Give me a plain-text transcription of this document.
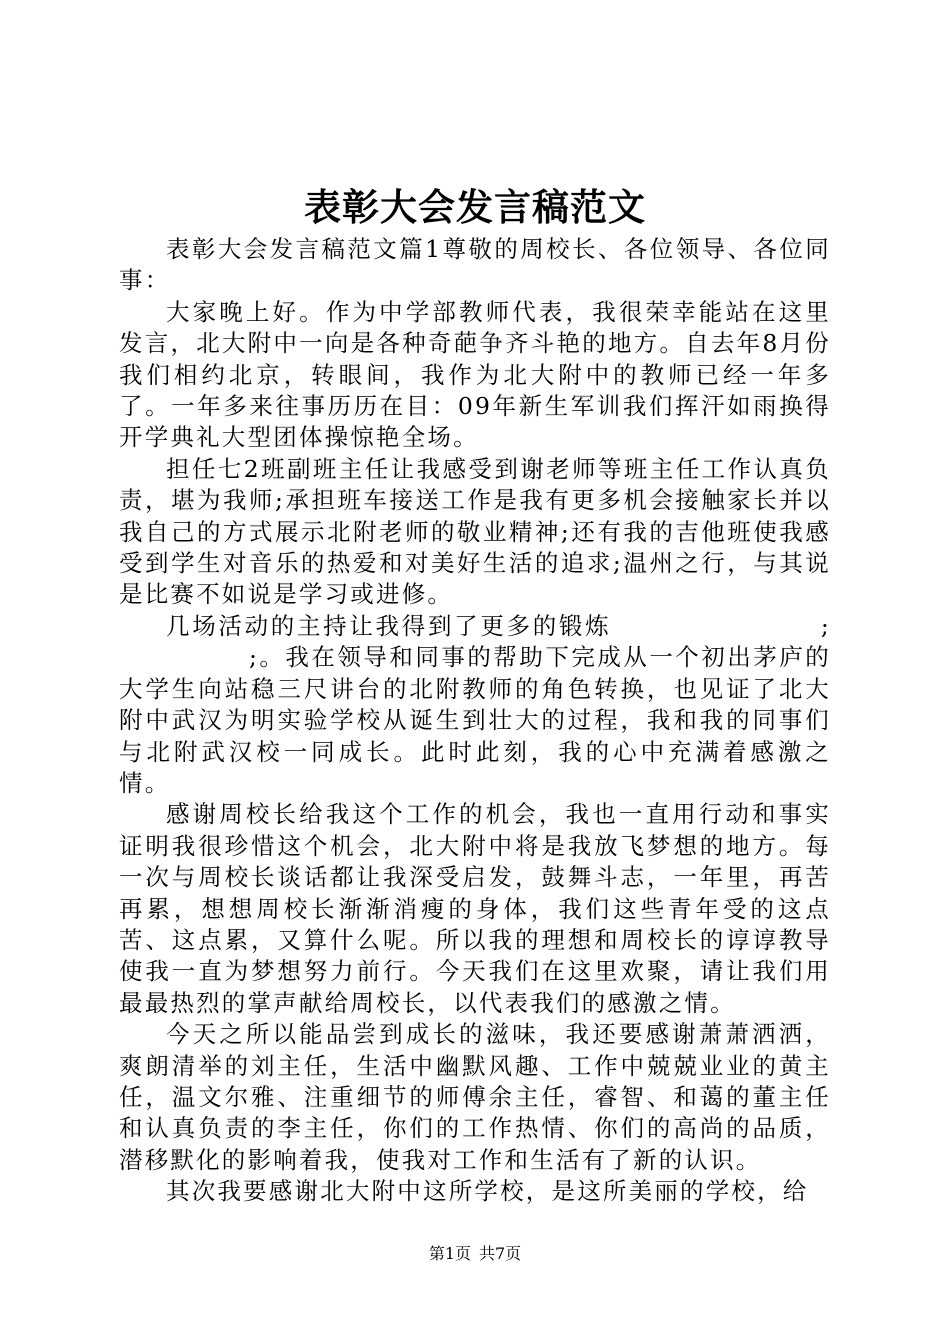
表彰大会发言稿范文

表彰大会发言稿范文篇1尊敬的周校长、各位领导、各位同事：

大家晚上好。作为中学部教师代表，我很荣幸能站在这里发言，北大附中一向是各种奇葩争齐斗艳的地方。自去年8月份我们相约北京，转眼间，我作为北大附中的教师已经一年多了。一年多来往事历历在目：09年新生军训我们挥汗如雨换得开学典礼大型团体操惊艳全场。

担任七2班副班主任让我感受到谢老师等班主任工作认真负责，堪为我师;承担班车接送工作是我有更多机会接触家长并以我自己的方式展示北附老师的敬业精神;还有我的吉他班使我感受到学生对音乐的热爱和对美好生活的追求;温州之行，与其说是比赛不如说是学习或进修。

几场活动的主持让我得到了更多的锻炼　　　　　　　　;

　　　　　;。我在领导和同事的帮助下完成从一个初出茅庐的大学生向站稳三尺讲台的北附教师的角色转换，也见证了北大附中武汉为明实验学校从诞生到壮大的过程，我和我的同事们与北附武汉校一同成长。此时此刻，我的心中充满着感激之情。

感谢周校长给我这个工作的机会，我也一直用行动和事实证明我很珍惜这个机会，北大附中将是我放飞梦想的地方。每一次与周校长谈话都让我深受启发，鼓舞斗志，一年里，再苦再累，想想周校长渐渐消瘦的身体，我们这些青年受的这点苦、这点累，又算什么呢。所以我的理想和周校长的谆谆教导使我一直为梦想努力前行。今天我们在这里欢聚，请让我们用最最热烈的掌声献给周校长，以代表我们的感激之情。

今天之所以能品尝到成长的滋味，我还要感谢萧萧洒洒，爽朗清举的刘主任，生活中幽默风趣、工作中兢兢业业的黄主任，温文尔雅、注重细节的师傅余主任，睿智、和蔼的董主任和认真负责的李主任，你们的工作热情、你们的高尚的品质，潜移默化的影响着我，使我对工作和生活有了新的认识。

其次我要感谢北大附中这所学校，是这所美丽的学校，给

第1页 共7页
